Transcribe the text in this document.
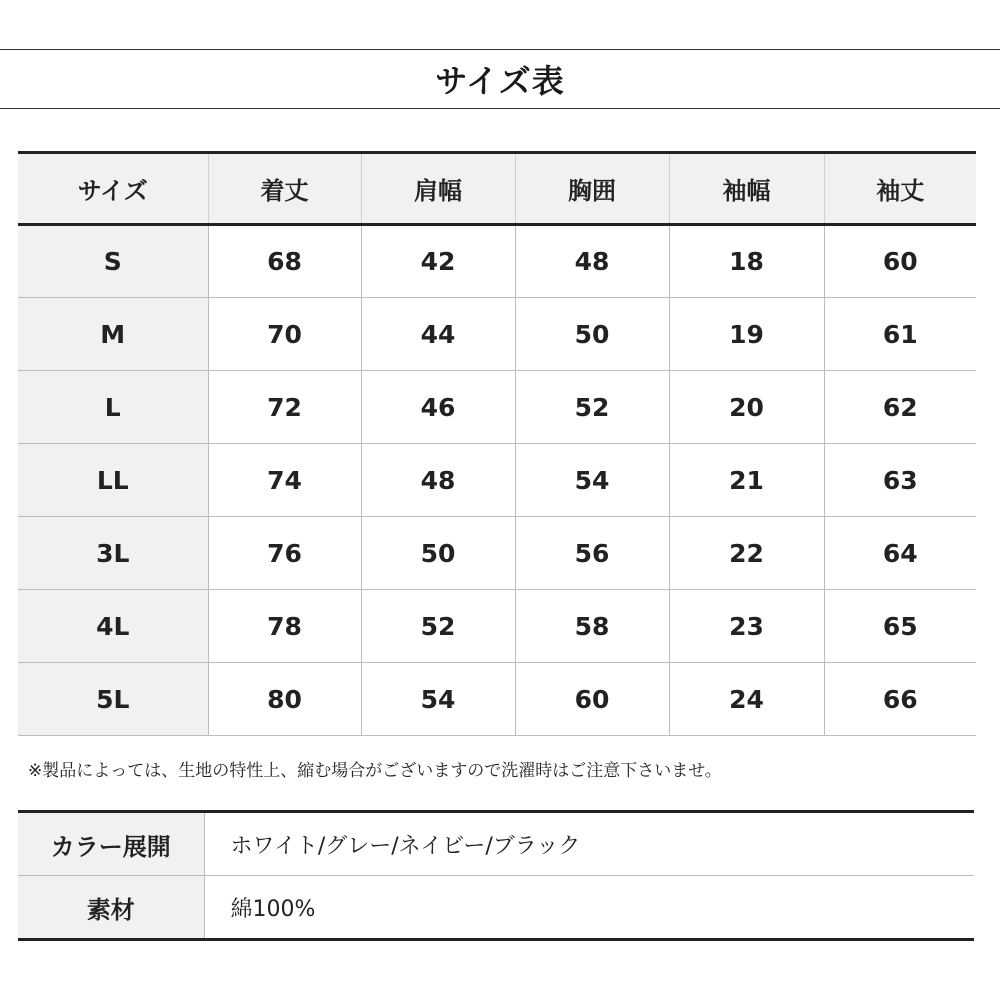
サイズ表
サイズ	着丈	肩幅	胸囲	袖幅	袖丈
S	68	42	48	18	60
M	70	44	50	19	61
L	72	46	52	20	62
LL	74	48	54	21	63
3L	76	50	56	22	64
4L	78	52	58	23	65
5L	80	54	60	24	66
※製品によっては、生地の特性上、縮む場合がございますので洗濯時はご注意下さいませ。
カラー展開	ホワイト/グレー/ネイビー/ブラック
素材	綿100%
